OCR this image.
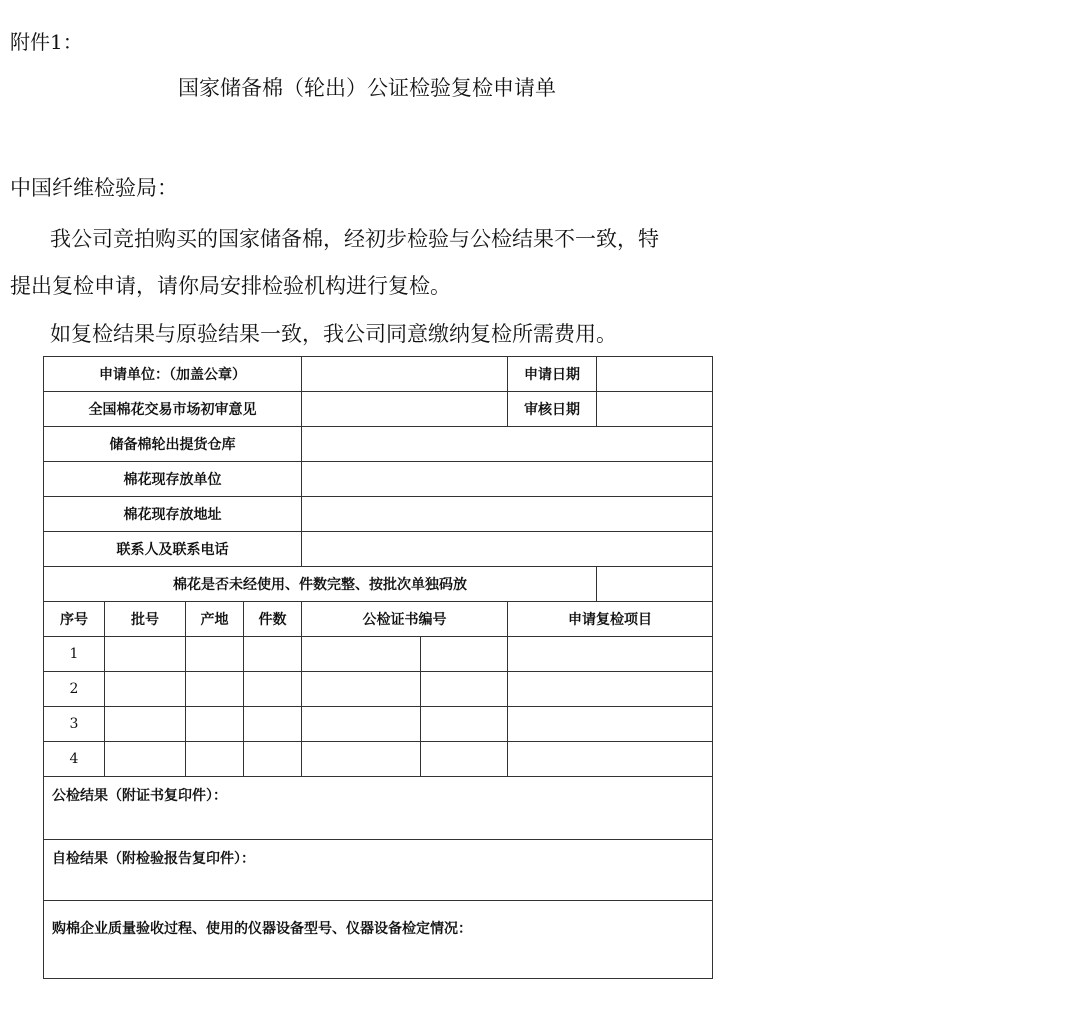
附件1：
国家储备棉（轮出）公证检验复检申请单
中国纤维检验局：
我公司竞拍购买的国家储备棉，经初步检验与公检结果不一致，特
提出复检申请，请你局安排检验机构进行复检。
如复检结果与原验结果一致，我公司同意缴纳复检所需费用。
申请单位：（加盖公章）						申请日期	
全国棉花交易市场初审意见						审核日期	
储备棉轮出提货仓库							
棉花现存放单位							
棉花现存放地址							
联系人及联系电话							
棉花是否未经使用、件数完整、按批次单独码放							
序号	批号	产地	件数	公检证书编号		申请复检项目	
1							
2							
3							
4							
公检结果（附证书复印件）：							
自检结果（附检验报告复印件）：							
购棉企业质量验收过程、使用的仪器设备型号、仪器设备检定情况：							
